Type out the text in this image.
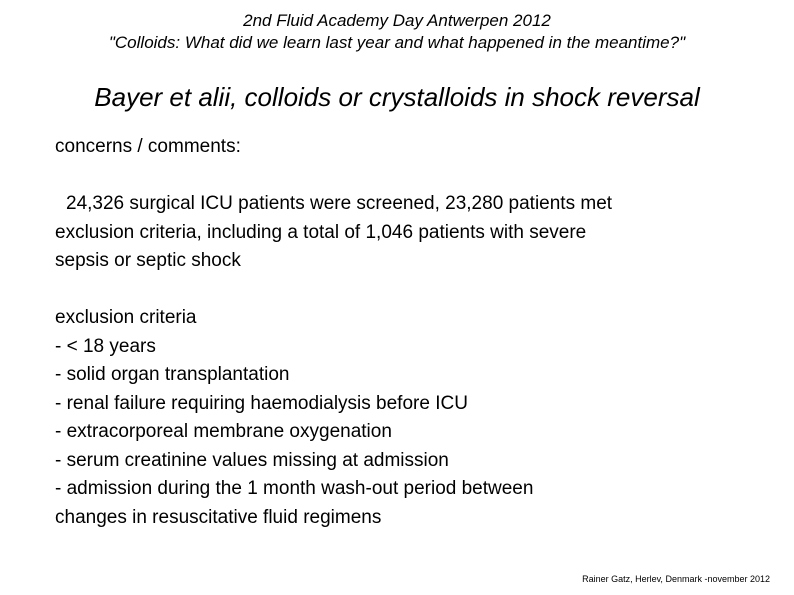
2nd Fluid Academy Day Antwerpen 2012
"Colloids: What did we learn last year and what happened in the meantime?"
Bayer et alii, colloids or crystalloids in shock reversal
concerns / comments:
24,326 surgical ICU patients were screened, 23,280 patients met
exclusion criteria, including a total of 1,046 patients with severe
sepsis or septic shock
exclusion criteria
- < 18 years
- solid organ transplantation
- renal failure requiring haemodialysis before ICU
- extracorporeal membrane oxygenation
- serum creatinine values missing at admission
- admission during the 1 month wash-out period between
changes in resuscitative fluid regimens
Rainer Gatz, Herlev, Denmark -november 2012
